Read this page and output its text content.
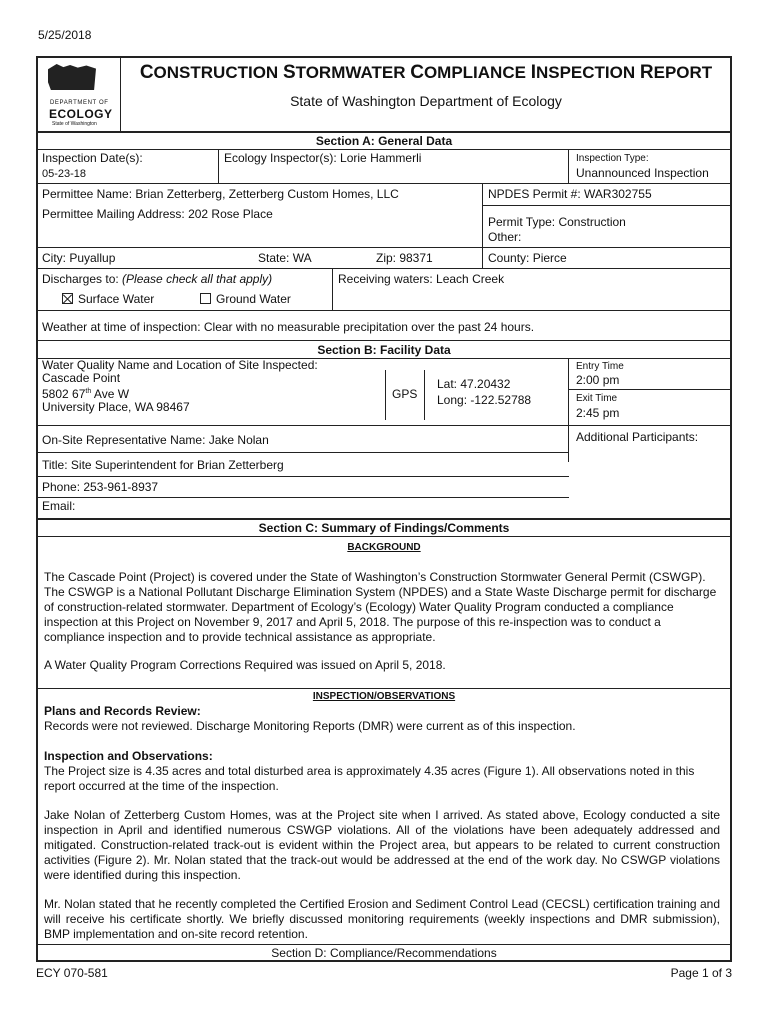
5/25/2018
DEPARTMENT OF
ECOLOGY
State of Washington
CONSTRUCTION STORMWATER COMPLIANCE INSPECTION REPORT
State of Washington Department of Ecology
Section A: General Data
Inspection Date(s):
05-23-18
Ecology Inspector(s): Lorie Hammerli	Inspection Type:
Unannounced Inspection
Permittee Name: Brian Zetterberg, Zetterberg Custom Homes, LLC	NPDES Permit #: WAR302755
Permittee Mailing Address: 202 Rose Place
Permit Type: Construction
Other:
City: Puyallup	State: WA	Zip: 98371	County: Pierce
Discharges to: (Please check all that apply)
Surface Water	Ground Water
Receiving waters: Leach Creek
Weather at time of inspection: Clear with no measurable precipitation over the past 24 hours.
Section B: Facility Data
Water Quality Name and Location of Site Inspected:
Cascade Point
5802 67th Ave W
University Place, WA 98467
GPS
Lat: 47.20432
Long: -122.52788
Entry Time
2:00 pm
Exit Time
2:45 pm
On-Site Representative Name: Jake Nolan	Additional Participants:
Title: Site Superintendent for Brian Zetterberg
Phone: 253-961-8937
Email:
Section C: Summary of Findings/Comments
BACKGROUND
The Cascade Point (Project) is covered under the State of Washington’s Construction Stormwater General Permit (CSWGP). The CSWGP is a National Pollutant Discharge Elimination System (NPDES) and a State Waste Discharge permit for discharge of construction-related stormwater. Department of Ecology’s (Ecology) Water Quality Program conducted a compliance inspection at this Project on November 9, 2017 and April 5, 2018. The purpose of this re-inspection was to conduct a compliance inspection and to provide technical assistance as appropriate.
A Water Quality Program Corrections Required was issued on April 5, 2018.
INSPECTION/OBSERVATIONS
Plans and Records Review:
Records were not reviewed. Discharge Monitoring Reports (DMR) were current as of this inspection.
Inspection and Observations:
The Project size is 4.35 acres and total disturbed area is approximately 4.35 acres (Figure 1). All observations noted in this report occurred at the time of the inspection.
Jake Nolan of Zetterberg Custom Homes, was at the Project site when I arrived. As stated above, Ecology conducted a site inspection in April and identified numerous CSWGP violations. All of the violations have been adequately addressed and mitigated. Construction-related track-out is evident within the Project area, but appears to be related to current construction activities (Figure 2). Mr. Nolan stated that the track-out would be addressed at the end of the work day. No CSWGP violations were identified during this inspection.
Mr. Nolan stated that he recently completed the Certified Erosion and Sediment Control Lead (CECSL) certification training and will receive his certificate shortly. We briefly discussed monitoring requirements (weekly inspections and DMR submission), BMP implementation and on-site record retention.
Section D: Compliance/Recommendations
ECY 070-581	Page 1 of 3
